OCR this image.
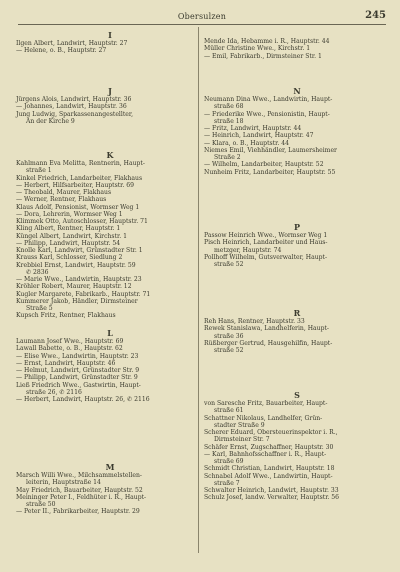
Obersulzen	245

I

Ilgen Albert, Landwirt, Hauptstr. 27

— Helene, o. B., Hauptstr. 27

J

Jürgens Alois, Landwirt, Hauptstr. 36

— Johannes, Landwirt, Hauptstr. 36

Jung Ludwig, Sparkassenangestellter,
An der Kirche 9

K

Kahlmann Eva Melitta, Rentnerin, Haupt-
straße 1

Kinkel Friedrich, Landarbeiter, Flakhaus

— Herbert, Hilfsarbeiter, Hauptstr. 69

— Theobald, Maurer, Flakhaus

— Werner, Rentner, Flakhaus

Klaus Adolf, Pensionist, Wormser Weg 1

— Dora, Lehrerin, Wormser Weg 1

Klimmek Otto, Autoschlosser, Hauptstr. 71

Kling Albert, Rentner, Hauptstr. 1

Küngel Albert, Landwirt, Kirchstr. 1

— Philipp, Landwirt, Hauptstr. 54

Knolle Karl, Landwirt, Grünstadter Str. 1

Krauss Karl, Schlosser, Siedlung 2

Krebbiel Ernst, Landwirt, Hauptstr. 59
✆ 2836

— Marie Wwe., Landwirtin, Hauptstr. 23

Kröhler Robert, Maurer, Hauptstr. 12

Kugler Margarete, Fabrikarb., Hauptstr. 71

Kummerer Jakob, Händler, Dirmsteiner
Straße 5

Kupsch Fritz, Rentner, Flakhaus

L

Laumann Josef Wwe., Hauptstr. 69

Lawall Babette, o. B., Hauptstr. 62

— Elise Wwe., Landwirtin, Hauptstr. 23

— Ernst, Landwirt, Hauptstr. 46

— Helmut, Landwirt, Grünstadter Str. 9

— Philipp, Landwirt, Grünstadter Str. 9

Ließ Friedrich Wwe., Gastwirtin, Haupt-
straße 26, ✆ 2116

— Herbert, Landwirt, Hauptstr. 26, ✆ 2116

M

Marsch Willi Wwe., Milchsammelstellen-
leiterin, Hauptstraße 14

May Friedrich, Bauarbeiter, Hauptstr. 52

Meininger Peter I., Feldhüter i. R., Haupt-
straße 50

— Peter II., Fabrikarbeiter, Hauptstr. 29

Mende Ida, Hebamme i. R., Hauptstr. 44

Müller Christine Wwe., Kirchstr. 1

— Emil, Fabrikarb., Dirmsteiner Str. 1

N

Neumann Dina Wwe., Landwirtin, Haupt-
straße 68

— Friederike Wwe., Pensionistin, Haupt-
straße 18

— Fritz, Landwirt, Hauptstr. 44

— Heinrich, Landwirt, Hauptstr. 47

— Klara, o. B., Hauptstr. 44

Niemes Emil, Viehhändler, Laumersheimer
Straße 2

— Wilhelm, Landarbeiter, Hauptstr. 52

Nunheim Fritz, Landarbeiter, Hauptstr. 55

P

Passow Heinrich Wwe., Wormser Weg 1

Pisch Heinrich, Landarbeiter und Haus-
metzger, Hauptstr. 74

Pollhoff Wilhelm, Gutsverwalter, Haupt-
straße 52

R

Reh Hans, Rentner, Hauptstr. 33

Rewek Stanislawa, Landhelferin, Haupt-
straße 36

Rüßberger Gertrud, Hausgehilfin, Haupt-
straße 52

S

von Saresche Fritz, Bauarbeiter, Haupt-
straße 61

Schattner Nikolaus, Landhelfer, Grün-
stadter Straße 9

Scherer Eduard, Obersteuerinspektor i. R.,
Dirmsteiner Str. 7

Schäfer Ernst, Zugschaffner, Hauptstr. 30

— Karl, Bahnhofsschaffner i. R., Haupt-
straße 69

Schmidt Christian, Landwirt, Hauptstr. 18

Schnabel Adolf Wwe., Landwirtin, Haupt-
straße 7

Schwalter Heinrich, Landwirt, Hauptstr. 33

Schulz Josef, landw. Verwalter, Hauptstr. 56
